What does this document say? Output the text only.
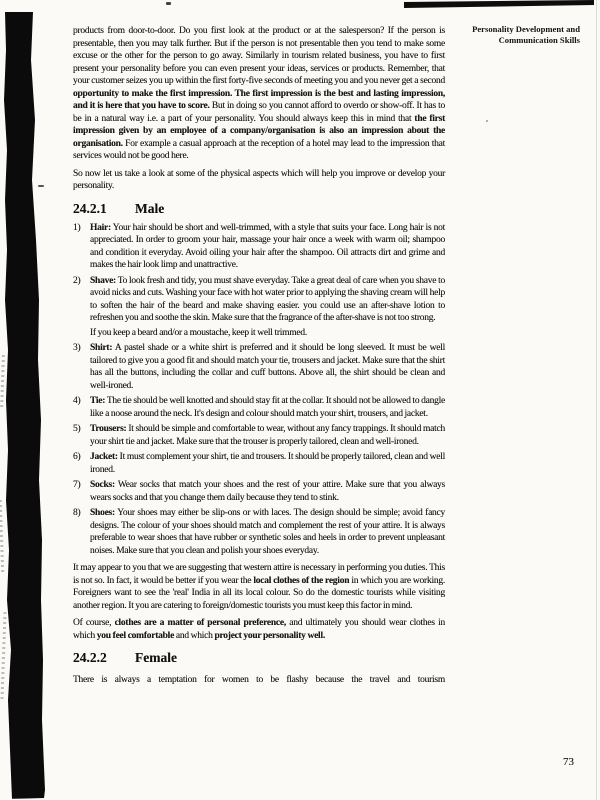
Personality Development and
Communication Skills

products from door-to-door. Do you first look at the product or at the salesperson? If the person is presentable, then you may talk further. But if the person is not presentable then you tend to make some excuse or the other for the person to go away. Similarly in tourism related business, you have to first present your personality before you can even present your ideas, services or products. Remember, that your customer seizes you up within the first forty-five seconds of meeting you and you never get a second opportunity to make the first impression. The first impression is the best and lasting impression, and it is here that you have to score. But in doing so you cannot afford to overdo or show-off. It has to be in a natural way i.e. a part of your personality. You should always keep this in mind that the first impression given by an employee of a company/organisation is also an impression about the organisation. For example a casual approach at the reception of a hotel may lead to the impression that services would not be good here.

So now let us take a look at some of the physical aspects which will help you improve or develop your personality.

24.2.1 Male
1)	Hair: Your hair should be short and well-trimmed, with a style that suits your face. Long hair is not appreciated. In order to groom your hair, massage your hair once a week with warm oil; shampoo and condition it everyday. Avoid oiling your hair after the shampoo. Oil attracts dirt and grime and makes the hair look limp and unattractive.

2)	Shave: To look fresh and tidy, you must shave everyday. Take a great deal of care when you shave to avoid nicks and cuts. Washing your face with hot water prior to applying the shaving cream will help to soften the hair of the beard and make shaving easier. you could use an after-shave lotion to refreshen you and soothe the skin. Make sure that the fragrance of the after-shave is not too strong.

If you keep a beard and/or a moustache, keep it well trimmed.

3)	Shirt: A pastel shade or a white shirt is preferred and it should be long sleeved. It must be well tailored to give you a good fit and should match your tie, trousers and jacket. Make sure that the shirt has all the buttons, including the collar and cuff buttons. Above all, the shirt should be clean and well-ironed.

4)	Tie: The tie should be well knotted and should stay fit at the collar. It should not be allowed to dangle like a noose around the neck. It's design and colour should match your shirt, trousers, and jacket.

5)	Trousers: It should be simple and comfortable to wear, without any fancy trappings. It should match your shirt tie and jacket. Make sure that the trouser is properly tailored, clean and well-ironed.

6)	Jacket: It must complement your shirt, tie and trousers. It should be properly tailored, clean and well ironed.

7)	Socks: Wear socks that match your shoes and the rest of your attire. Make sure that you always wears socks and that you change them daily because they tend to stink.

8)	Shoes: Your shoes may either be slip-ons or with laces. The design should be simple; avoid fancy designs. The colour of your shoes should match and complement the rest of your attire. It is always preferable to wear shoes that have rubber or synthetic soles and heels in order to prevent unpleasant noises. Make sure that you clean and polish your shoes everyday.

It may appear to you that we are suggesting that western attire is necessary in performing you duties. This is not so. In fact, it would be better if you wear the local clothes of the region in which you are working. Foreigners want to see the 'real' India in all its local colour. So do the domestic tourists while visiting another region. It you are catering to foreign/domestic tourists you must keep this factor in mind.

Of course, clothes are a matter of personal preference, and ultimately you should wear clothes in which you feel comfortable and which project your personality well.

24.2.2 Female

There is always a temptation for women to be flashy because the travel and tourism

73
